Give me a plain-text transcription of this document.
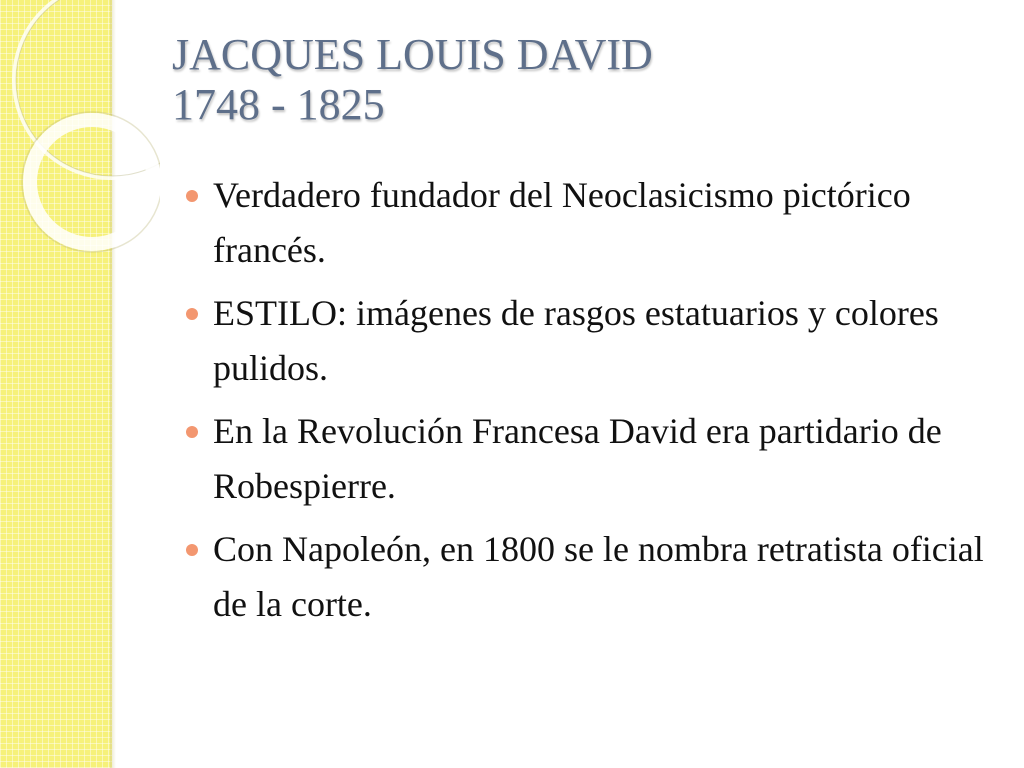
JACQUES LOUIS DAVID
1748 - 1825
Verdadero fundador del Neoclasicismo pictórico francés.
ESTILO: imágenes de rasgos estatuarios y colores pulidos.
En la Revolución Francesa David era partidario de Robespierre.
Con Napoleón, en 1800 se le nombra retratista oficial de la corte.
